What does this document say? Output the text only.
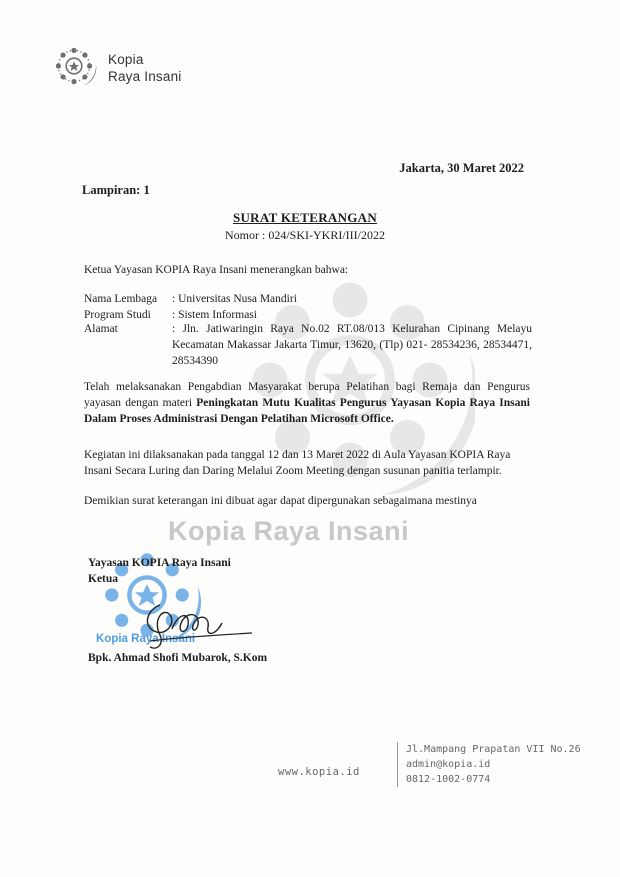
Kopia
Raya Insani
Kopia Raya Insani
Jakarta, 30 Maret 2022
Lampiran: 1
SURAT KETERANGAN
Nomor : 024/SKI-YKRI/III/2022
Ketua Yayasan KOPIA Raya Insani menerangkan bahwa:
Nama Lembaga	: Universitas Nusa Mandiri
Program Studi	: Sistem Informasi
Alamat	: Jln. Jatiwaringin Raya No.02 RT.08/013 Kelurahan Cipinang Melayu Kecamatan Makassar Jakarta Timur, 13620, (Tlp) 021- 28534236, 28534471, 28534390
Telah melaksanakan Pengabdian Masyarakat berupa Pelatihan bagi Remaja dan Pengurus yayasan dengan materi Peningkatan Mutu Kualitas Pengurus Yayasan Kopia Raya Insani Dalam Proses Administrasi Dengan Pelatihan Microsoft Office.
Kegiatan ini dilaksanakan pada tanggal 12 dan 13 Maret 2022 di Aula Yayasan KOPIA Raya Insani Secara Luring dan Daring Melalui Zoom Meeting dengan susunan panitia terlampir.
Demikian surat keterangan ini dibuat agar dapat dipergunakan sebagaimana mestinya
Kopia Raya Insani
Yayasan KOPIA Raya Insani
Ketua
Bpk. Ahmad Shofi Mubarok, S.Kom
www.kopia.id
Jl.Mampang Prapatan VII No.26
admin@kopia.id
0812-1002-0774
